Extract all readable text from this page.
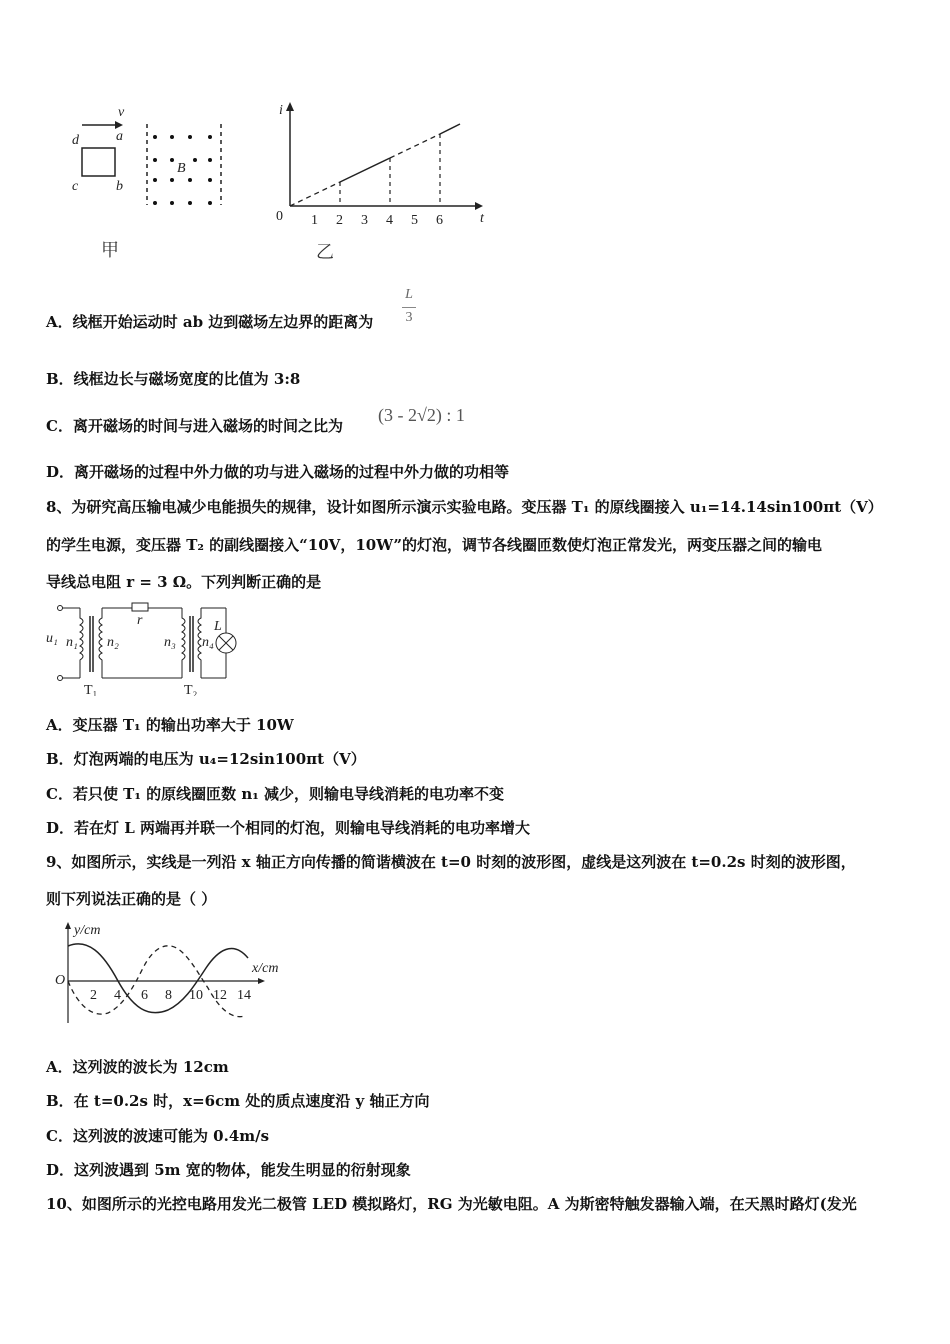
v
d	a
c	b
B
甲
i
t
0 1 2 3 4 5 6
乙
A．线框开始运动时 ab 边到磁场左边界的距离为
L
3
B．线框边长与磁场宽度的比值为 3:8
C．离开磁场的时间与进入磁场的时间之比为
(3 - 2√2) : 1
D．离开磁场的过程中外力做的功与进入磁场的过程中外力做的功相等
8、为研究高压输电减少电能损失的规律，设计如图所示演示实验电路。变压器 T₁ 的原线圈接入 u₁=14.14sin100πt（V）
的学生电源，变压器 T₂ 的副线圈接入“10V，10W”的灯泡，调节各线圈匝数使灯泡正常发光，两变压器之间的输电
导线总电阻 r = 3 Ω。下列判断正确的是
u₁ n₁ n₂
r
n₃ n₄
L
T₁	T₂
A．变压器 T₁ 的输出功率大于 10W
B．灯泡两端的电压为 u₄=12sin100πt（V）
C．若只使 T₁ 的原线圈匝数 n₁ 减少，则输电导线消耗的电功率不变
D．若在灯 L 两端再并联一个相同的灯泡，则输电导线消耗的电功率增大
9、如图所示，实线是一列沿 x 轴正方向传播的简谐横波在 t=0 时刻的波形图，虚线是这列波在 t=0.2s 时刻的波形图，
则下列说法正确的是（ ）
y/cm
x/cm
O
2 4 6 8 10 12 14
A．这列波的波长为 12cm
B．在 t=0.2s 时，x=6cm 处的质点速度沿 y 轴正方向
C．这列波的波速可能为 0.4m/s
D．这列波遇到 5m 宽的物体，能发生明显的衍射现象
10、如图所示的光控电路用发光二极管 LED 模拟路灯，RG 为光敏电阻。A 为斯密特触发器输入端，在天黑时路灯(发光
